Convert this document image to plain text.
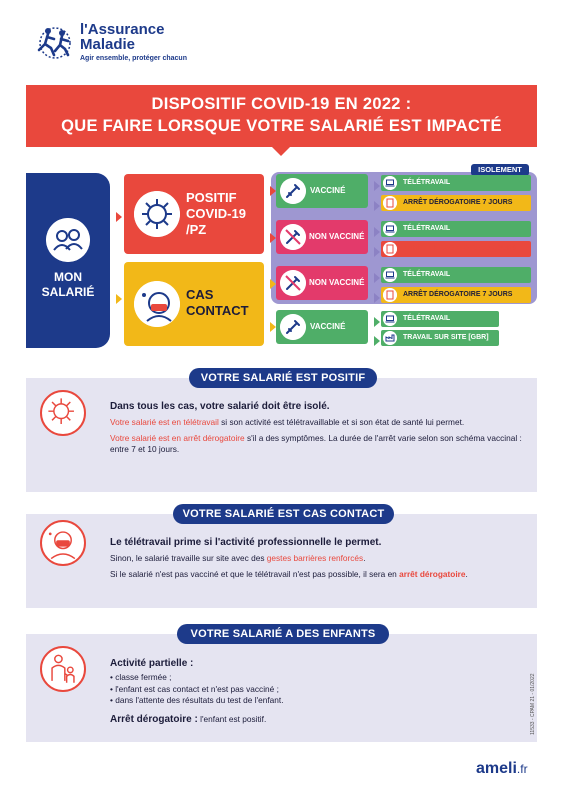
l'Assurance
Maladie
Agir ensemble, protéger chacun
DISPOSITIF COVID-19 EN 2022 :
QUE FAIRE LORSQUE VOTRE SALARIÉ EST IMPACTÉ
MON
SALARIÉ
POSITIF
COVID-19
/PZ
CAS
CONTACT
ISOLEMENT
VACCINÉ
TÉLÉTRAVAIL
ARRÊT DÉROGATOIRE 7 JOURS
NON VACCINÉ
TÉLÉTRAVAIL
ARRÊT DÉROGATOIRE 10 JOURS
NON VACCINÉ
TÉLÉTRAVAIL
ARRÊT DÉROGATOIRE 7 JOURS
VACCINÉ
TÉLÉTRAVAIL
TRAVAIL SUR SITE [GBR]
VOTRE SALARIÉ EST POSITIF
Dans tous les cas, votre salarié doit être isolé.
Votre salarié est en télétravail si son activité est télétravaillable et si son état de santé lui permet.
Votre salarié est en arrêt dérogatoire s'il a des symptômes. La durée de l'arrêt varie selon son schéma vaccinal : entre 7 et 10 jours.
VOTRE SALARIÉ EST CAS CONTACT
Le télétravail prime si l'activité professionnelle le permet.
Sinon, le salarié travaille sur site avec des gestes barrières renforcés.
Si le salarié n'est pas vacciné et que le télétravail n'est pas possible, il sera en arrêt dérogatoire.
VOTRE SALARIÉ A DES ENFANTS
Activité partielle :
• classe fermée ;
• l'enfant est cas contact et n'est pas vacciné ;
• dans l'attente des résultats du test de l'enfant.
Arrêt dérogatoire : l'enfant est positif.	11533 - CPAM 21 - 01/2022
ameli.fr
